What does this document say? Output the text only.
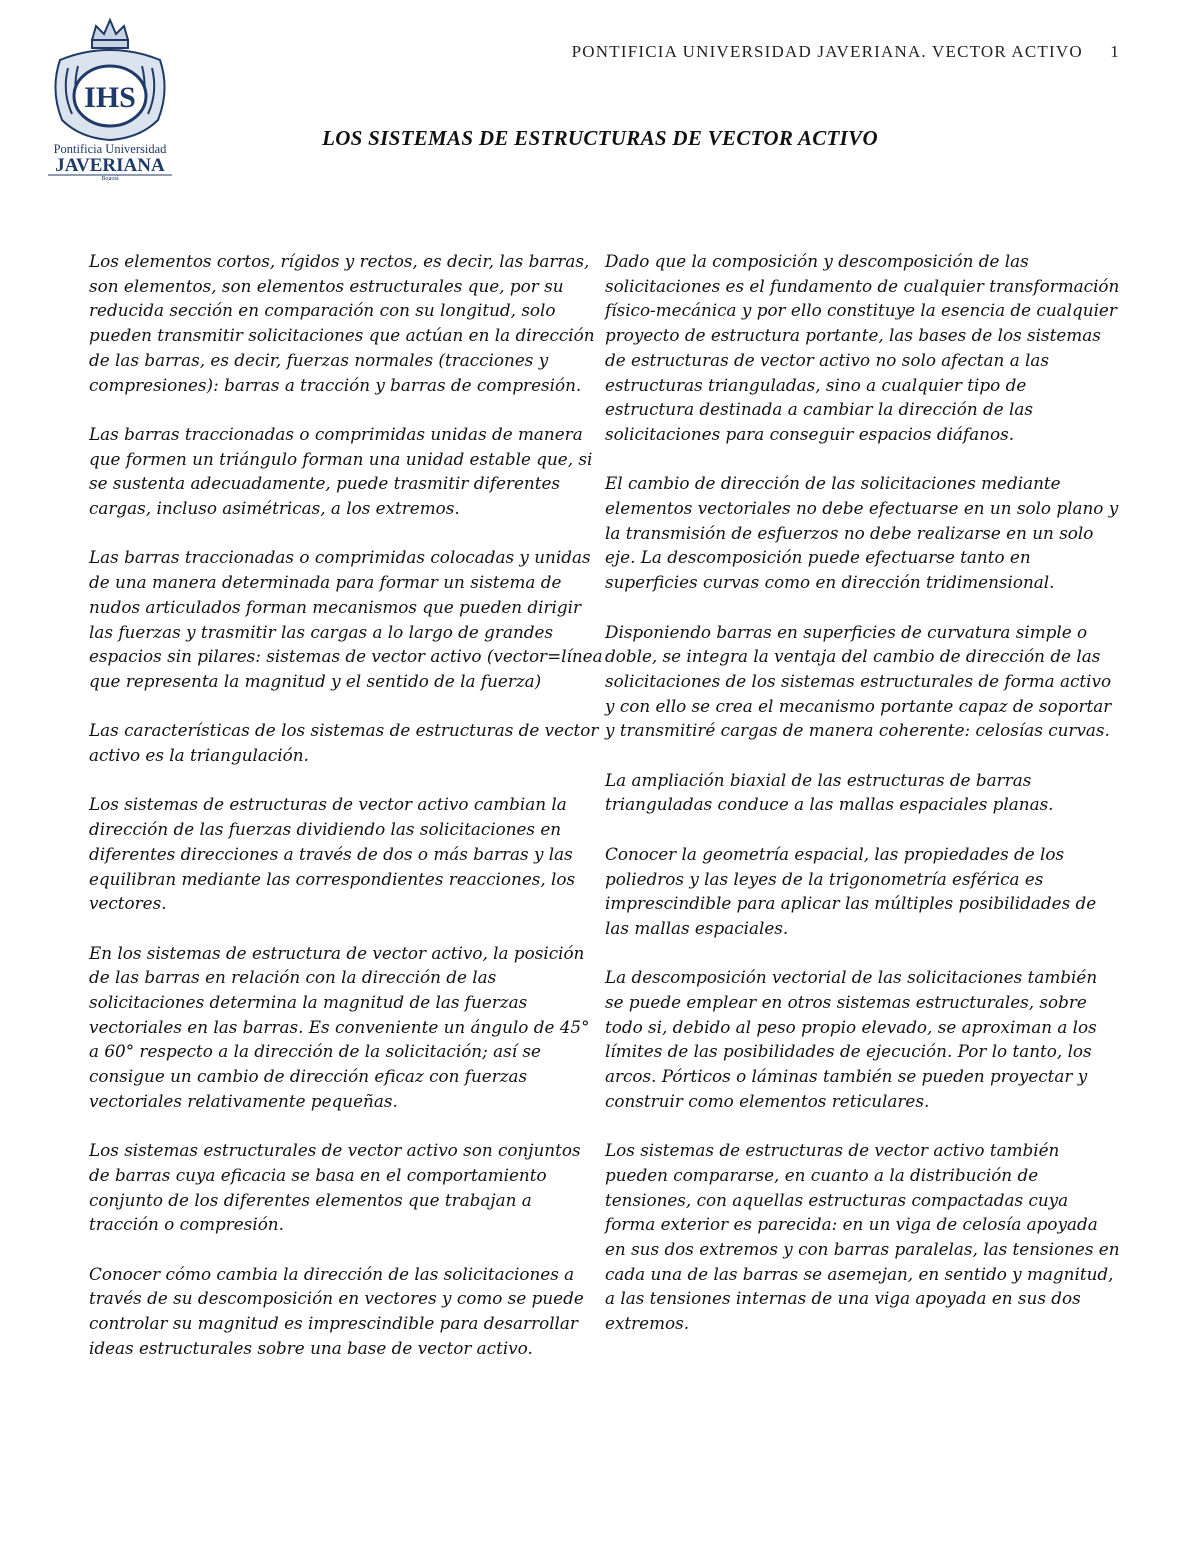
IHS
Pontificia Universidad
JAVERIANA
Bogotá
PONTIFICIA UNIVERSIDAD JAVERIANA. VECTOR ACTIVO 1
LOS SISTEMAS DE ESTRUCTURAS DE VECTOR ACTIVO

Los elementos cortos, rígidos y rectos, es decir, las barras, son elementos, son elementos estructurales que, por su reducida sección en comparación con su longitud, solo pueden transmitir solicitaciones que actúan en la dirección de las barras, es decir, fuerzas normales (tracciones y compresiones): barras a tracción y barras de compresión.

Las barras traccionadas o comprimidas unidas de manera que formen un triángulo forman una unidad estable que, si se sustenta adecuadamente, puede trasmitir diferentes cargas, incluso asimétricas, a los extremos.

Las barras traccionadas o comprimidas colocadas y unidas de una manera determinada para formar un sistema de nudos articulados forman mecanismos que pueden dirigir las fuerzas y trasmitir las cargas a lo largo de grandes espacios sin pilares: sistemas de vector activo (vector=línea que representa la magnitud y el sentido de la fuerza)

Las características de los sistemas de estructuras de vector activo es la triangulación.

Los sistemas de estructuras de vector activo cambian la dirección de las fuerzas dividiendo las solicitaciones en diferentes direcciones a través de dos o más barras y las equilibran mediante las correspondientes reacciones, los vectores.

En los sistemas de estructura de vector activo, la posición de las barras en relación con la dirección de las solicitaciones determina la magnitud de las fuerzas vectoriales en las barras. Es conveniente un ángulo de 45° a 60° respecto a la dirección de la solicitación; así se consigue un cambio de dirección eficaz con fuerzas vectoriales relativamente pequeñas.

Los sistemas estructurales de vector activo son conjuntos de barras cuya eficacia se basa en el comportamiento conjunto de los diferentes elementos que trabajan a tracción o compresión.

Conocer cómo cambia la dirección de las solicitaciones a través de su descomposición en vectores y como se puede controlar su magnitud es imprescindible para desarrollar ideas estructurales sobre una base de vector activo.

Dado que la composición y descomposición de las solicitaciones es el fundamento de cualquier transformación físico-mecánica y por ello constituye la esencia de cualquier proyecto de estructura portante, las bases de los sistemas de estructuras de vector activo no solo afectan a las estructuras trianguladas, sino a cualquier tipo de estructura destinada a cambiar la dirección de las solicitaciones para conseguir espacios diáfanos.

El cambio de dirección de las solicitaciones mediante elementos vectoriales no debe efectuarse en un solo plano y la transmisión de esfuerzos no debe realizarse en un solo eje. La descomposición puede efectuarse tanto en superficies curvas como en dirección tridimensional.

Disponiendo barras en superficies de curvatura simple o doble, se integra la ventaja del cambio de dirección de las solicitaciones de los sistemas estructurales de forma activo y con ello se crea el mecanismo portante capaz de soportar y transmitiré cargas de manera coherente: celosías curvas.

La ampliación biaxial de las estructuras de barras trianguladas conduce a las mallas espaciales planas.

Conocer la geometría espacial, las propiedades de los poliedros y las leyes de la trigonometría esférica es imprescindible para aplicar las múltiples posibilidades de las mallas espaciales.

La descomposición vectorial de las solicitaciones también se puede emplear en otros sistemas estructurales, sobre todo si, debido al peso propio elevado, se aproximan a los límites de las posibilidades de ejecución. Por lo tanto, los arcos. Pórticos o láminas también se pueden proyectar y construir como elementos reticulares.

Los sistemas de estructuras de vector activo también pueden compararse, en cuanto a la distribución de tensiones, con aquellas estructuras compactadas cuya forma exterior es parecida: en un viga de celosía apoyada en sus dos extremos y con barras paralelas, las tensiones en cada una de las barras se asemejan, en sentido y magnitud, a las tensiones internas de una viga apoyada en sus dos extremos.
